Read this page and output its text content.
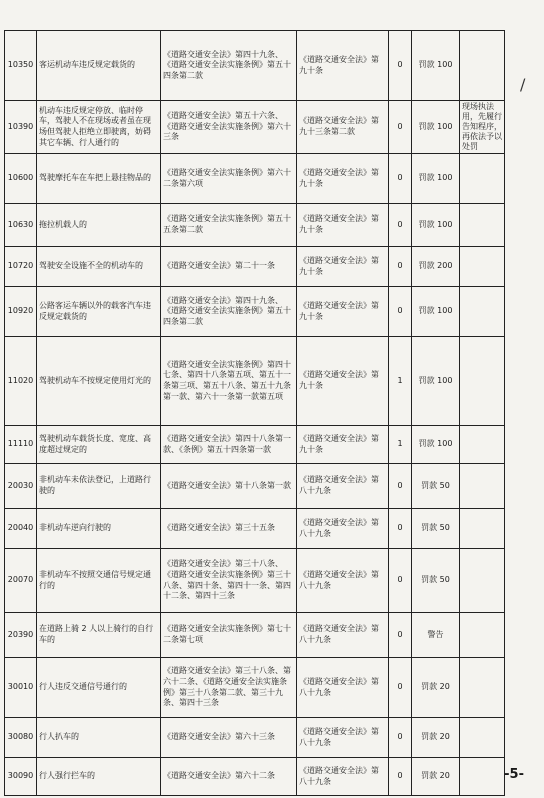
10350	客运机动车违反规定载货的	《道路交通安全法》第四十九条、《道路交通安全法实施条例》第五十四条第二款	《道路交通安全法》第九十条	0	罚款 100	
10390	机动车违反规定停放、临时停车，驾驶人不在现场或者虽在现场但驾驶人拒绝立即驶离，妨碍其它车辆、行人通行的	《道路交通安全法》第五十六条、《道路交通安全法实施条例》第六十三条	《道路交通安全法》第九十三条第二款	0	罚款 100	现场执法用，先履行告知程序，再依法予以处罚
10600	驾驶摩托车在车把上悬挂物品的	《道路交通安全法实施条例》第六十二条第六项	《道路交通安全法》第九十条	0	罚款 100	
10630	拖拉机载人的	《道路交通安全法实施条例》第五十五条第二款	《道路交通安全法》第九十条	0	罚款 100	
10720	驾驶安全设施不全的机动车的	《道路交通安全法》第二十一条	《道路交通安全法》第九十条	0	罚款 200	
10920	公路客运车辆以外的载客汽车违反规定载货的	《道路交通安全法》第四十九条、《道路交通安全法实施条例》第五十四条第二款	《道路交通安全法》第九十条	0	罚款 100	
11020	驾驶机动车不按规定使用灯光的	《道路交通安全法实施条例》第四十七条、第四十八条第五项、第五十一条第三项、第五十八条、第五十九条第一款、第六十一条第一款第五项	《道路交通安全法》第九十条	1	罚款 100	
11110	驾驶机动车载货长度、宽度、高度超过规定的	《道路交通安全法》第四十八条第一款、《条例》第五十四条第一款	《道路交通安全法》第九十条	1	罚款 100	
20030	非机动车未依法登记，上道路行驶的	《道路交通安全法》第十八条第一款	《道路交通安全法》第八十九条	0	罚款 50	
20040	非机动车逆向行驶的	《道路交通安全法》第三十五条	《道路交通安全法》第八十九条	0	罚款 50	
20070	非机动车不按照交通信号规定通行的	《道路交通安全法》第三十八条、《道路交通安全法实施条例》第三十八条、第四十条、第四十一条、第四十二条、第四十三条	《道路交通安全法》第八十九条	0	罚款 50	
20390	在道路上骑 2 人以上骑行的自行车的	《道路交通安全法实施条例》第七十二条第七项	《道路交通安全法》第八十九条	0	警告	
30010	行人违反交通信号通行的	《道路交通安全法》第三十八条、第六十二条、《道路交通安全法实施条例》第三十八条第二款、第三十九条、第四十三条	《道路交通安全法》第八十九条	0	罚款 20	
30080	行人扒车的	《道路交通安全法》第六十三条	《道路交通安全法》第八十九条	0	罚款 20	
30090	行人强行拦车的	《道路交通安全法》第六十二条	《道路交通安全法》第八十九条	0	罚款 20	
/
-5-
